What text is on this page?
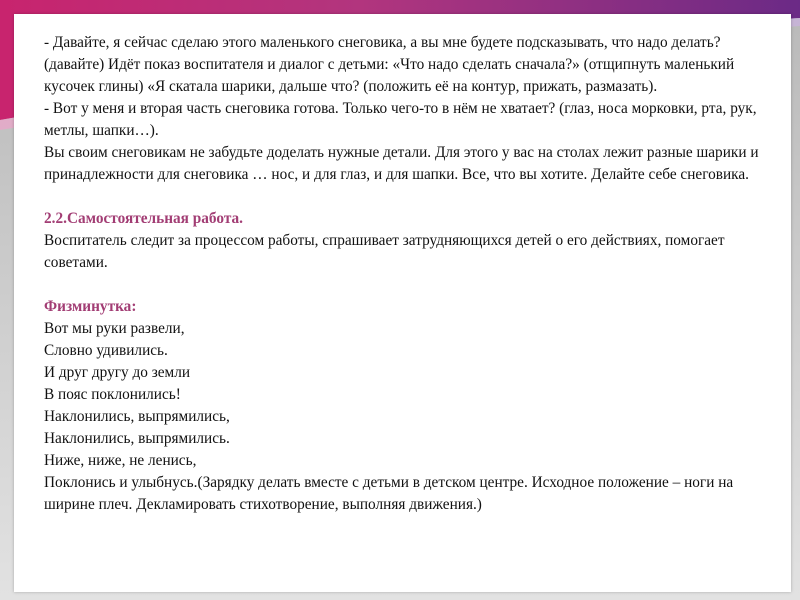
- Давайте, я сейчас сделаю этого маленького снеговика, а вы мне будете подсказывать, что надо делать? (давайте) Идёт показ воспитателя и диалог с детьми: «Что надо сделать сначала?» (отщипнуть маленький кусочек глины) «Я скатала шарики, дальше что? (положить её на контур, прижать, размазать).

- Вот у меня и вторая часть снеговика готова. Только чего-то в нём не хватает? (глаз, носа морковки, рта, рук, метлы, шапки…).

Вы своим снеговикам не забудьте доделать нужные детали. Для этого у вас на столах лежит разные шарики и принадлежности для снеговика … нос, и для глаз, и для шапки. Все, что вы хотите. Делайте себе снеговика.

2.2.Самостоятельная работа.

Воспитатель следит за процессом работы, спрашивает затрудняющихся детей о его действиях, помогает советами.

Физминутка:

Вот мы руки развели,

Словно удивились.

И друг другу до земли

В пояс поклонились!

Наклонились, выпрямились,

Наклонились, выпрямились.

Ниже, ниже, не ленись,

Поклонись и улыбнусь.(Зарядку делать вместе с детьми в детском центре. Исходное положение – ноги на ширине плеч. Декламировать стихотворение, выполняя движения.)
